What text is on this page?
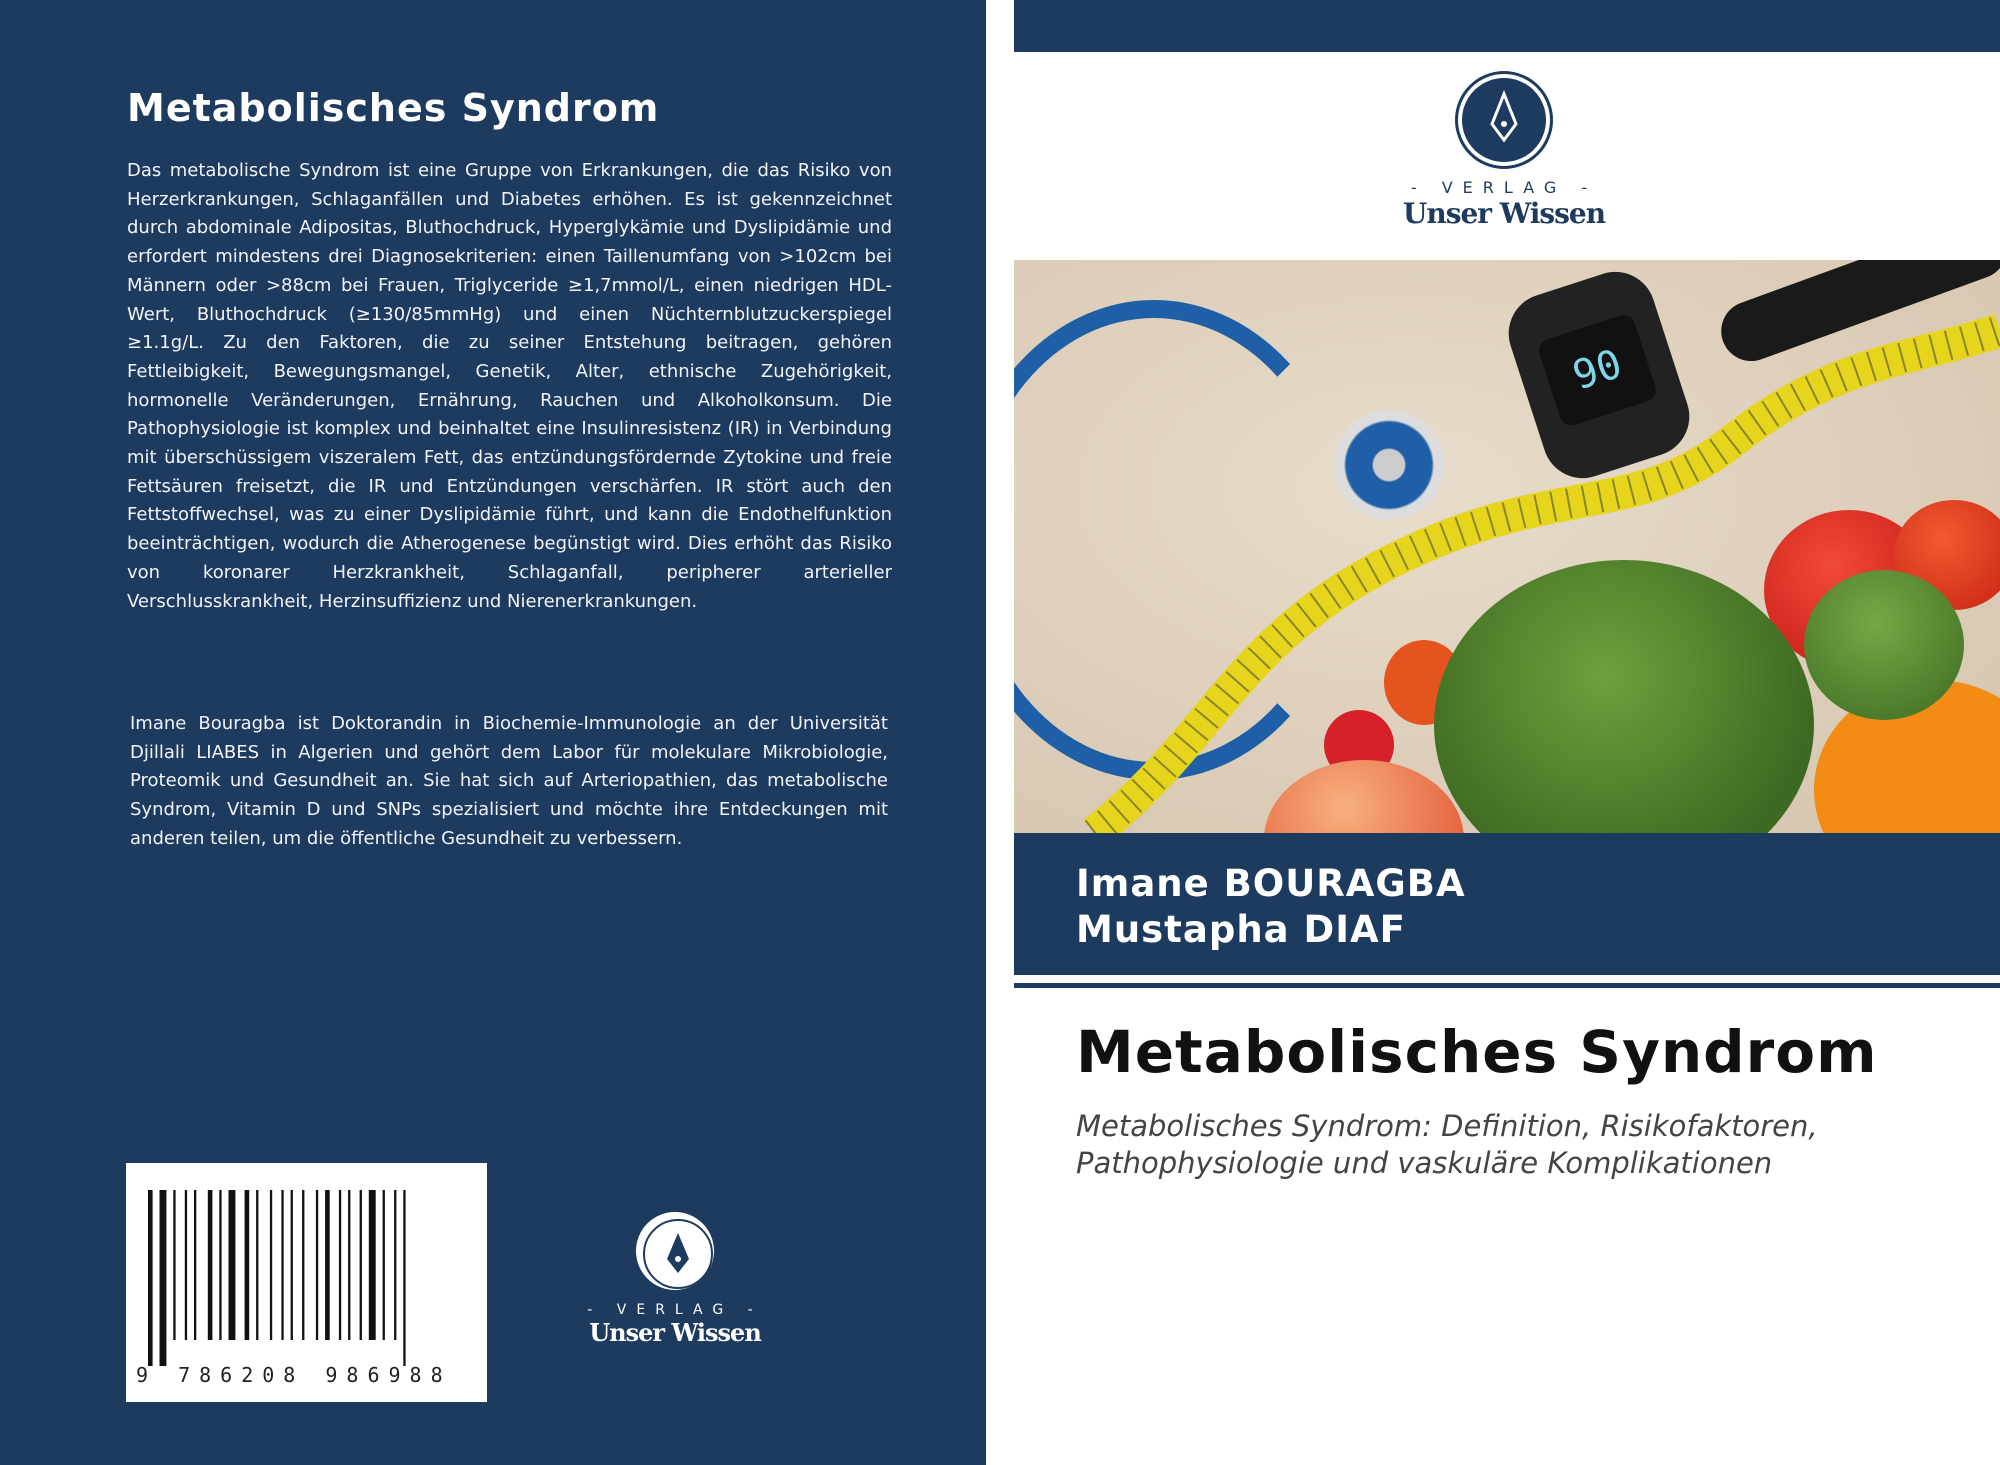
Metabolisches Syndrom

Das metabolische Syndrom ist eine Gruppe von Erkrankungen, die das Risiko von Herzerkrankungen, Schlaganfällen und Diabetes erhöhen. Es ist gekennzeichnet durch abdominale Adipositas, Bluthochdruck, Hyperglykämie und Dyslipidämie und erfordert mindestens drei Diagnosekriterien: einen Taillenumfang von >102cm bei Männern oder >88cm bei Frauen, Triglyceride ≥1,7mmol/L, einen niedrigen HDL-Wert, Bluthochdruck (≥130/85mmHg) und einen Nüchternblutzuckerspiegel ≥1.1g/L. Zu den Faktoren, die zu seiner Entstehung beitragen, gehören Fettleibigkeit, Bewegungsmangel, Genetik, Alter, ethnische Zugehörigkeit, hormonelle Veränderungen, Ernährung, Rauchen und Alkoholkonsum. Die Pathophysiologie ist komplex und beinhaltet eine Insulinresistenz (IR) in Verbindung mit überschüssigem viszeralem Fett, das entzündungsfördernde Zytokine und freie Fettsäuren freisetzt, die IR und Entzündungen verschärfen. IR stört auch den Fettstoffwechsel, was zu einer Dyslipidämie führt, und kann die Endothelfunktion beeinträchtigen, wodurch die Atherogenese begünstigt wird. Dies erhöht das Risiko von koronarer Herzkrankheit, Schlaganfall, peripherer arterieller Verschlusskrankheit, Herzinsuffizienz und Nierenerkrankungen.

Imane Bouragba ist Doktorandin in Biochemie-Immunologie an der Universität Djillali LIABES in Algerien und gehört dem Labor für molekulare Mikrobiologie, Proteomik und Gesundheit an. Sie hat sich auf Arteriopathien, das metabolische Syndrom, Vitamin D und SNPs spezialisiert und möchte ihre Entdeckungen mit anderen teilen, um die öffentliche Gesundheit zu verbessern.

9 786208 986988
- VERLAG -
Unser Wissen
- VERLAG -
Unser Wissen
90
Imane BOURAGBA
Mustapha DIAF
Metabolisches Syndrom
Metabolisches Syndrom: Definition, Risikofaktoren, Pathophysiologie und vaskuläre Komplikationen
